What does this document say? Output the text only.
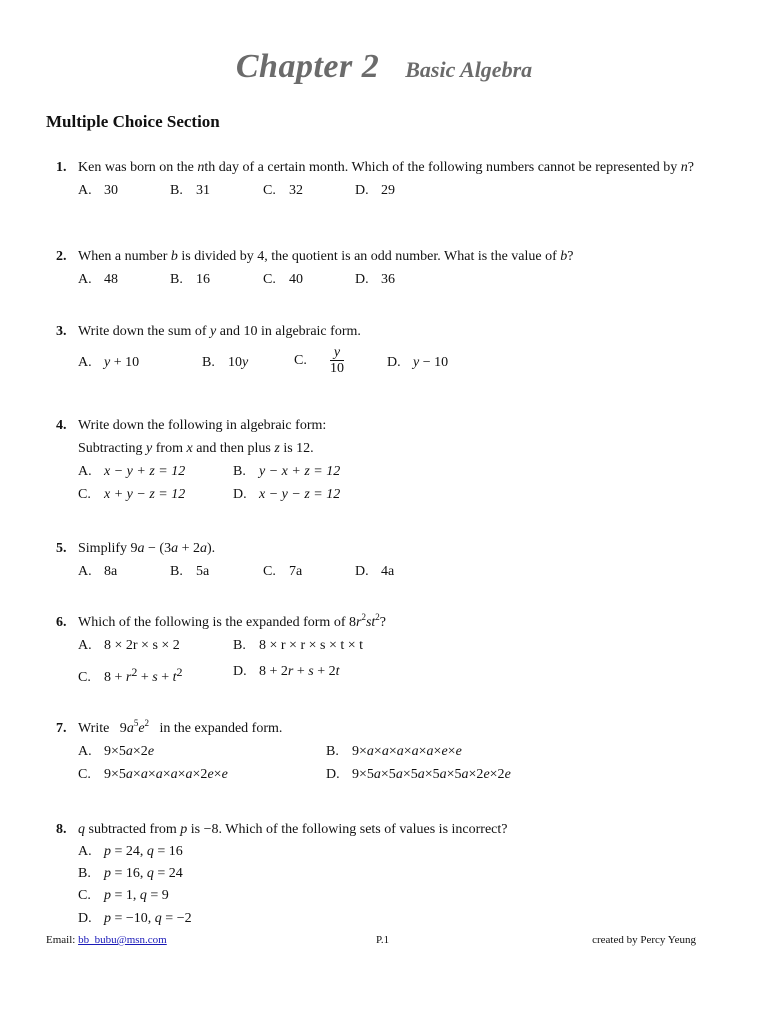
Chapter 2 Basic Algebra
Multiple Choice Section
1. Ken was born on the nth day of a certain month. Which of the following numbers cannot be represented by n?
A. 30	B. 31	C. 32	D. 29
2. When a number b is divided by 4, the quotient is an odd number. What is the value of b?
A. 48	B. 16	C. 40	D. 36
3. Write down the sum of y and 10 in algebraic form.
A. y + 10	B. 10y	C. $\frac{y}{10}$	D. y − 10
4. Write down the following in algebraic form:
Subtracting y from x and then plus z is 12.
A. x − y + z = 12	B. y − x + z = 12
C. x + y − z = 12	D. x − y − z = 12
5. Simplify 9a − (3a + 2a).
A. 8a	B. 5a	C. 7a	D. 4a
6. Which of the following is the expanded form of $8r^2st^2$?
A. 8 × 2r × s × 2	B. 8 × r × r × s × t × t
C. 8 + r2 + s + t2	D. 8 + 2r + s + 2t
7. Write   $9a^5e^2$   in the expanded form.
A. 9×5a×2e	B. 9×a×a×a×a×a×e×e
C. 9×5a×a×a×a×a×2e×e	D. 9×5a×5a×5a×5a×5a×2e×2e
8. q subtracted from p is −8. Which of the following sets of values is incorrect?
A. p = 24, q = 16
B. p = 16, q = 24
C. p = 1, q = 9
D. p = −10, q = −2
Email: bb_bubu@msn.com	P.1	created by Percy Yeung
